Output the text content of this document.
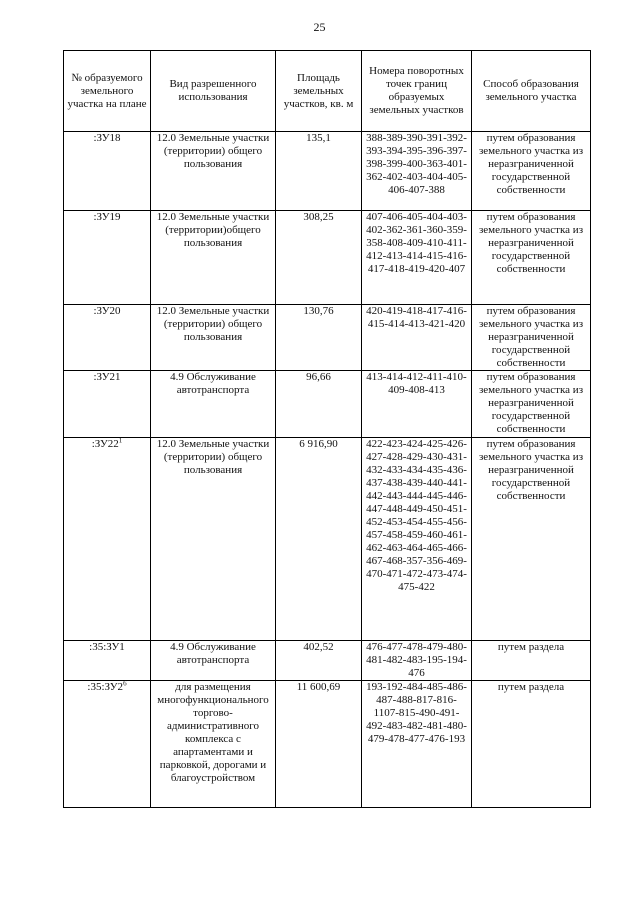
25
№ образуемого земельного участка на плане	Вид разрешенного использования	Площадь земельных участков, кв. м	Номера поворотных точек границ образуемых земельных участков	Способ образования земельного участка
:ЗУ18	12.0 Земельные участки (территории) общего пользования	135,1	388-389-390-391-392-393-394-395-396-397-398-399-400-363-401-362-402-403-404-405-406-407-388	путем образования земельного участка из неразграниченной государственной собственности
:ЗУ19	12.0 Земельные участки (территории)общего пользования	308,25	407-406-405-404-403-402-362-361-360-359-358-408-409-410-411-412-413-414-415-416-417-418-419-420-407	путем образования земельного участка из неразграниченной государственной собственности
:ЗУ20	12.0 Земельные участки (территории) общего пользования	130,76	420-419-418-417-416-415-414-413-421-420	путем образования земельного участка из неразграниченной государственной собственности
:ЗУ21	4.9 Обслуживание автотранспорта	96,66	413-414-412-411-410-409-408-413	путем образования земельного участка из неразграниченной государственной собственности
$:ЗУ22^1$	12.0 Земельные участки (территории) общего пользования	6 916,90	422-423-424-425-426-427-428-429-430-431-432-433-434-435-436-437-438-439-440-441-442-443-444-445-446-447-448-449-450-451-452-453-454-455-456-457-458-459-460-461-462-463-464-465-466-467-468-357-356-469-470-471-472-473-474-475-422	путем образования земельного участка из неразграниченной государственной собственности
:35:ЗУ1	4.9 Обслуживание автотранспорта	402,52	476-477-478-479-480-481-482-483-195-194-476	путем раздела
$:35:ЗУ2^6$	для размещения многофункционального торгово-административного комплекса с апартаментами и парковкой, дорогами и благоустройством	11 600,69	193-192-484-485-486-487-488-817-816-1107-815-490-491-492-483-482-481-480-479-478-477-476-193	путем раздела
